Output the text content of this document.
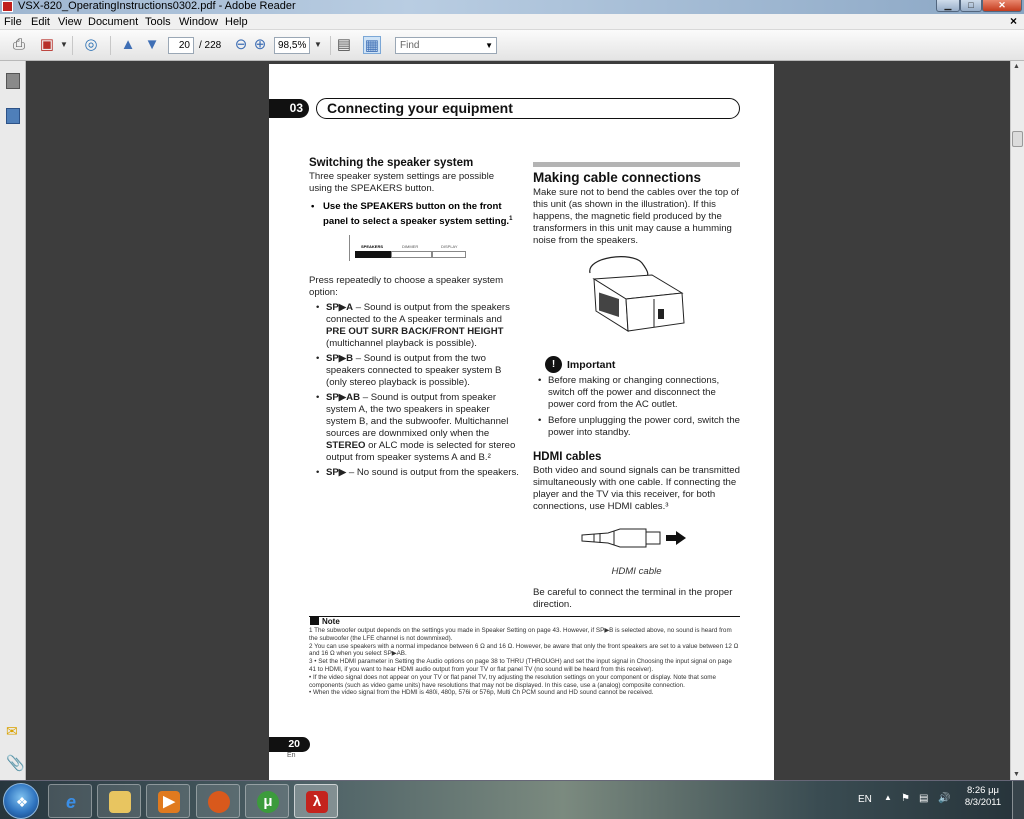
VSX-820_OperatingInstructions0302.pdf - Adobe Reader	▁	□	✕
File Edit View Document Tools Window Help	×
⎙ ▣ ▼	◎ ▲ ▼
20	/ 228 ⊖ ⊕
98,5%	▼ ▤ ▦	Find	▼
✉
📎
▲
▼
03	Connecting your equipment
Switching the speaker system
Three speaker system settings are possible using the SPEAKERS button.
• Use the SPEAKERS button on the front panel to select a speaker system setting.$^1$
SPEAKERS	DIMMER	DISPLAY
Press repeatedly to choose a speaker system option:
• SP▶A – Sound is output from the speakers connected to the A speaker terminals and PRE OUT SURR BACK/FRONT HEIGHT (multichannel playback is possible).
• SP▶B – Sound is output from the two speakers connected to speaker system B (only stereo playback is possible).
• SP▶AB – Sound is output from speaker system A, the two speakers in speaker system B, and the subwoofer. Multichannel sources are downmixed only when the STEREO or ALC mode is selected for stereo output from speaker systems A and B.²
• SP▶ – No sound is output from the speakers.
Making cable connections
Make sure not to bend the cables over the top of this unit (as shown in the illustration). If this happens, the magnetic field produced by the transformers in this unit may cause a humming noise from the speakers.
!	Important
• Before making or changing connections, switch off the power and disconnect the power cord from the AC outlet.
• Before unplugging the power cord, switch the power into standby.
HDMI cables
Both video and sound signals can be transmitted simultaneously with one cable. If connecting the player and the TV via this receiver, for both connections, use HDMI cables.³
HDMI cable
Be careful to connect the terminal in the proper direction.
Note
1 The subwoofer output depends on the settings you made in Speaker Setting on page 43. However, if SP▶B is selected above, no sound is heard from the subwoofer (the LFE channel is not downmixed).
2 You can use speakers with a normal impedance between 6 Ω and 16 Ω. However, be aware that only the front speakers are set to a value between 12 Ω and 16 Ω when you select SP▶AB.
3 • Set the HDMI parameter in Setting the Audio options on page 38 to THRU (THROUGH) and set the input signal in Choosing the input signal on page 41 to HDMI, if you want to hear HDMI audio output from your TV or flat panel TV (no sound will be heard from this receiver).
• If the video signal does not appear on your TV or flat panel TV, try adjusting the resolution settings on your component or display. Note that some components (such as video game units) have resolutions that may not be displayed. In this case, use a (analog) composite connection.
• When the video signal from the HDMI is 480i, 480p, 576i or 576p, Multi Ch PCM sound and HD sound cannot be received.
20
En
❖	e	▶	μ	λ	EN ▲ ⚑ ▤ 🔊
8:26 μμ
8/3/2011
